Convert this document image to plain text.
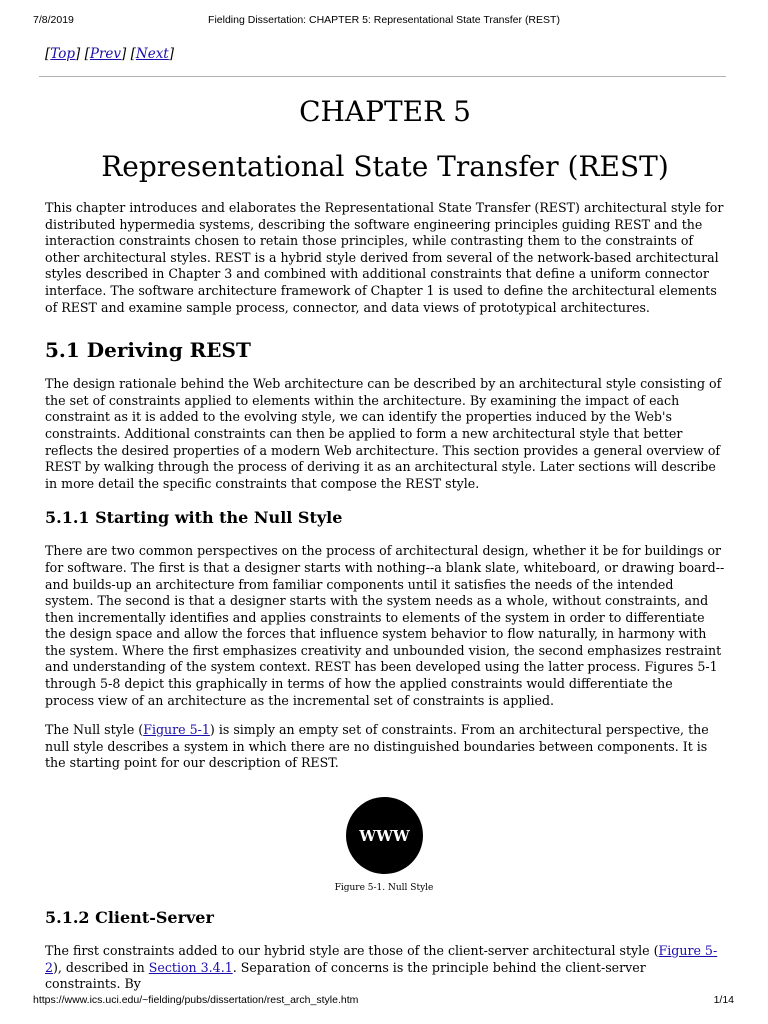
7/8/2019	Fielding Dissertation: CHAPTER 5: Representational State Transfer (REST)
[Top] [Prev] [Next]
CHAPTER 5
Representational State Transfer (REST)

This chapter introduces and elaborates the Representational State Transfer (REST) architectural style for distributed hypermedia systems, describing the software engineering principles guiding REST and the interaction constraints chosen to retain those principles, while contrasting them to the constraints of other architectural styles. REST is a hybrid style derived from several of the network-based architectural styles described in Chapter 3 and combined with additional constraints that define a uniform connector interface. The software architecture framework of Chapter 1 is used to define the architectural elements of REST and examine sample process, connector, and data views of prototypical architectures.

5.1 Deriving REST

The design rationale behind the Web architecture can be described by an architectural style consisting of the set of constraints applied to elements within the architecture. By examining the impact of each constraint as it is added to the evolving style, we can identify the properties induced by the Web's constraints. Additional constraints can then be applied to form a new architectural style that better reflects the desired properties of a modern Web architecture. This section provides a general overview of REST by walking through the process of deriving it as an architectural style. Later sections will describe in more detail the specific constraints that compose the REST style.

5.1.1 Starting with the Null Style

There are two common perspectives on the process of architectural design, whether it be for buildings or for software. The first is that a designer starts with nothing--a blank slate, whiteboard, or drawing board--and builds-up an architecture from familiar components until it satisfies the needs of the intended system. The second is that a designer starts with the system needs as a whole, without constraints, and then incrementally identifies and applies constraints to elements of the system in order to differentiate the design space and allow the forces that influence system behavior to flow naturally, in harmony with the system. Where the first emphasizes creativity and unbounded vision, the second emphasizes restraint and understanding of the system context. REST has been developed using the latter process. Figures 5-1 through 5-8 depict this graphically in terms of how the applied constraints would differentiate the process view of an architecture as the incremental set of constraints is applied.

The Null style (Figure 5-1) is simply an empty set of constraints. From an architectural perspective, the null style describes a system in which there are no distinguished boundaries between components. It is the starting point for our description of REST.

WWW
Figure 5-1. Null Style
5.1.2 Client-Server

The first constraints added to our hybrid style are those of the client-server architectural style (Figure 5-2), described in Section 3.4.1. Separation of concerns is the principle behind the client-server constraints. By

https://www.ics.uci.edu/~fielding/pubs/dissertation/rest_arch_style.htm	1/14
